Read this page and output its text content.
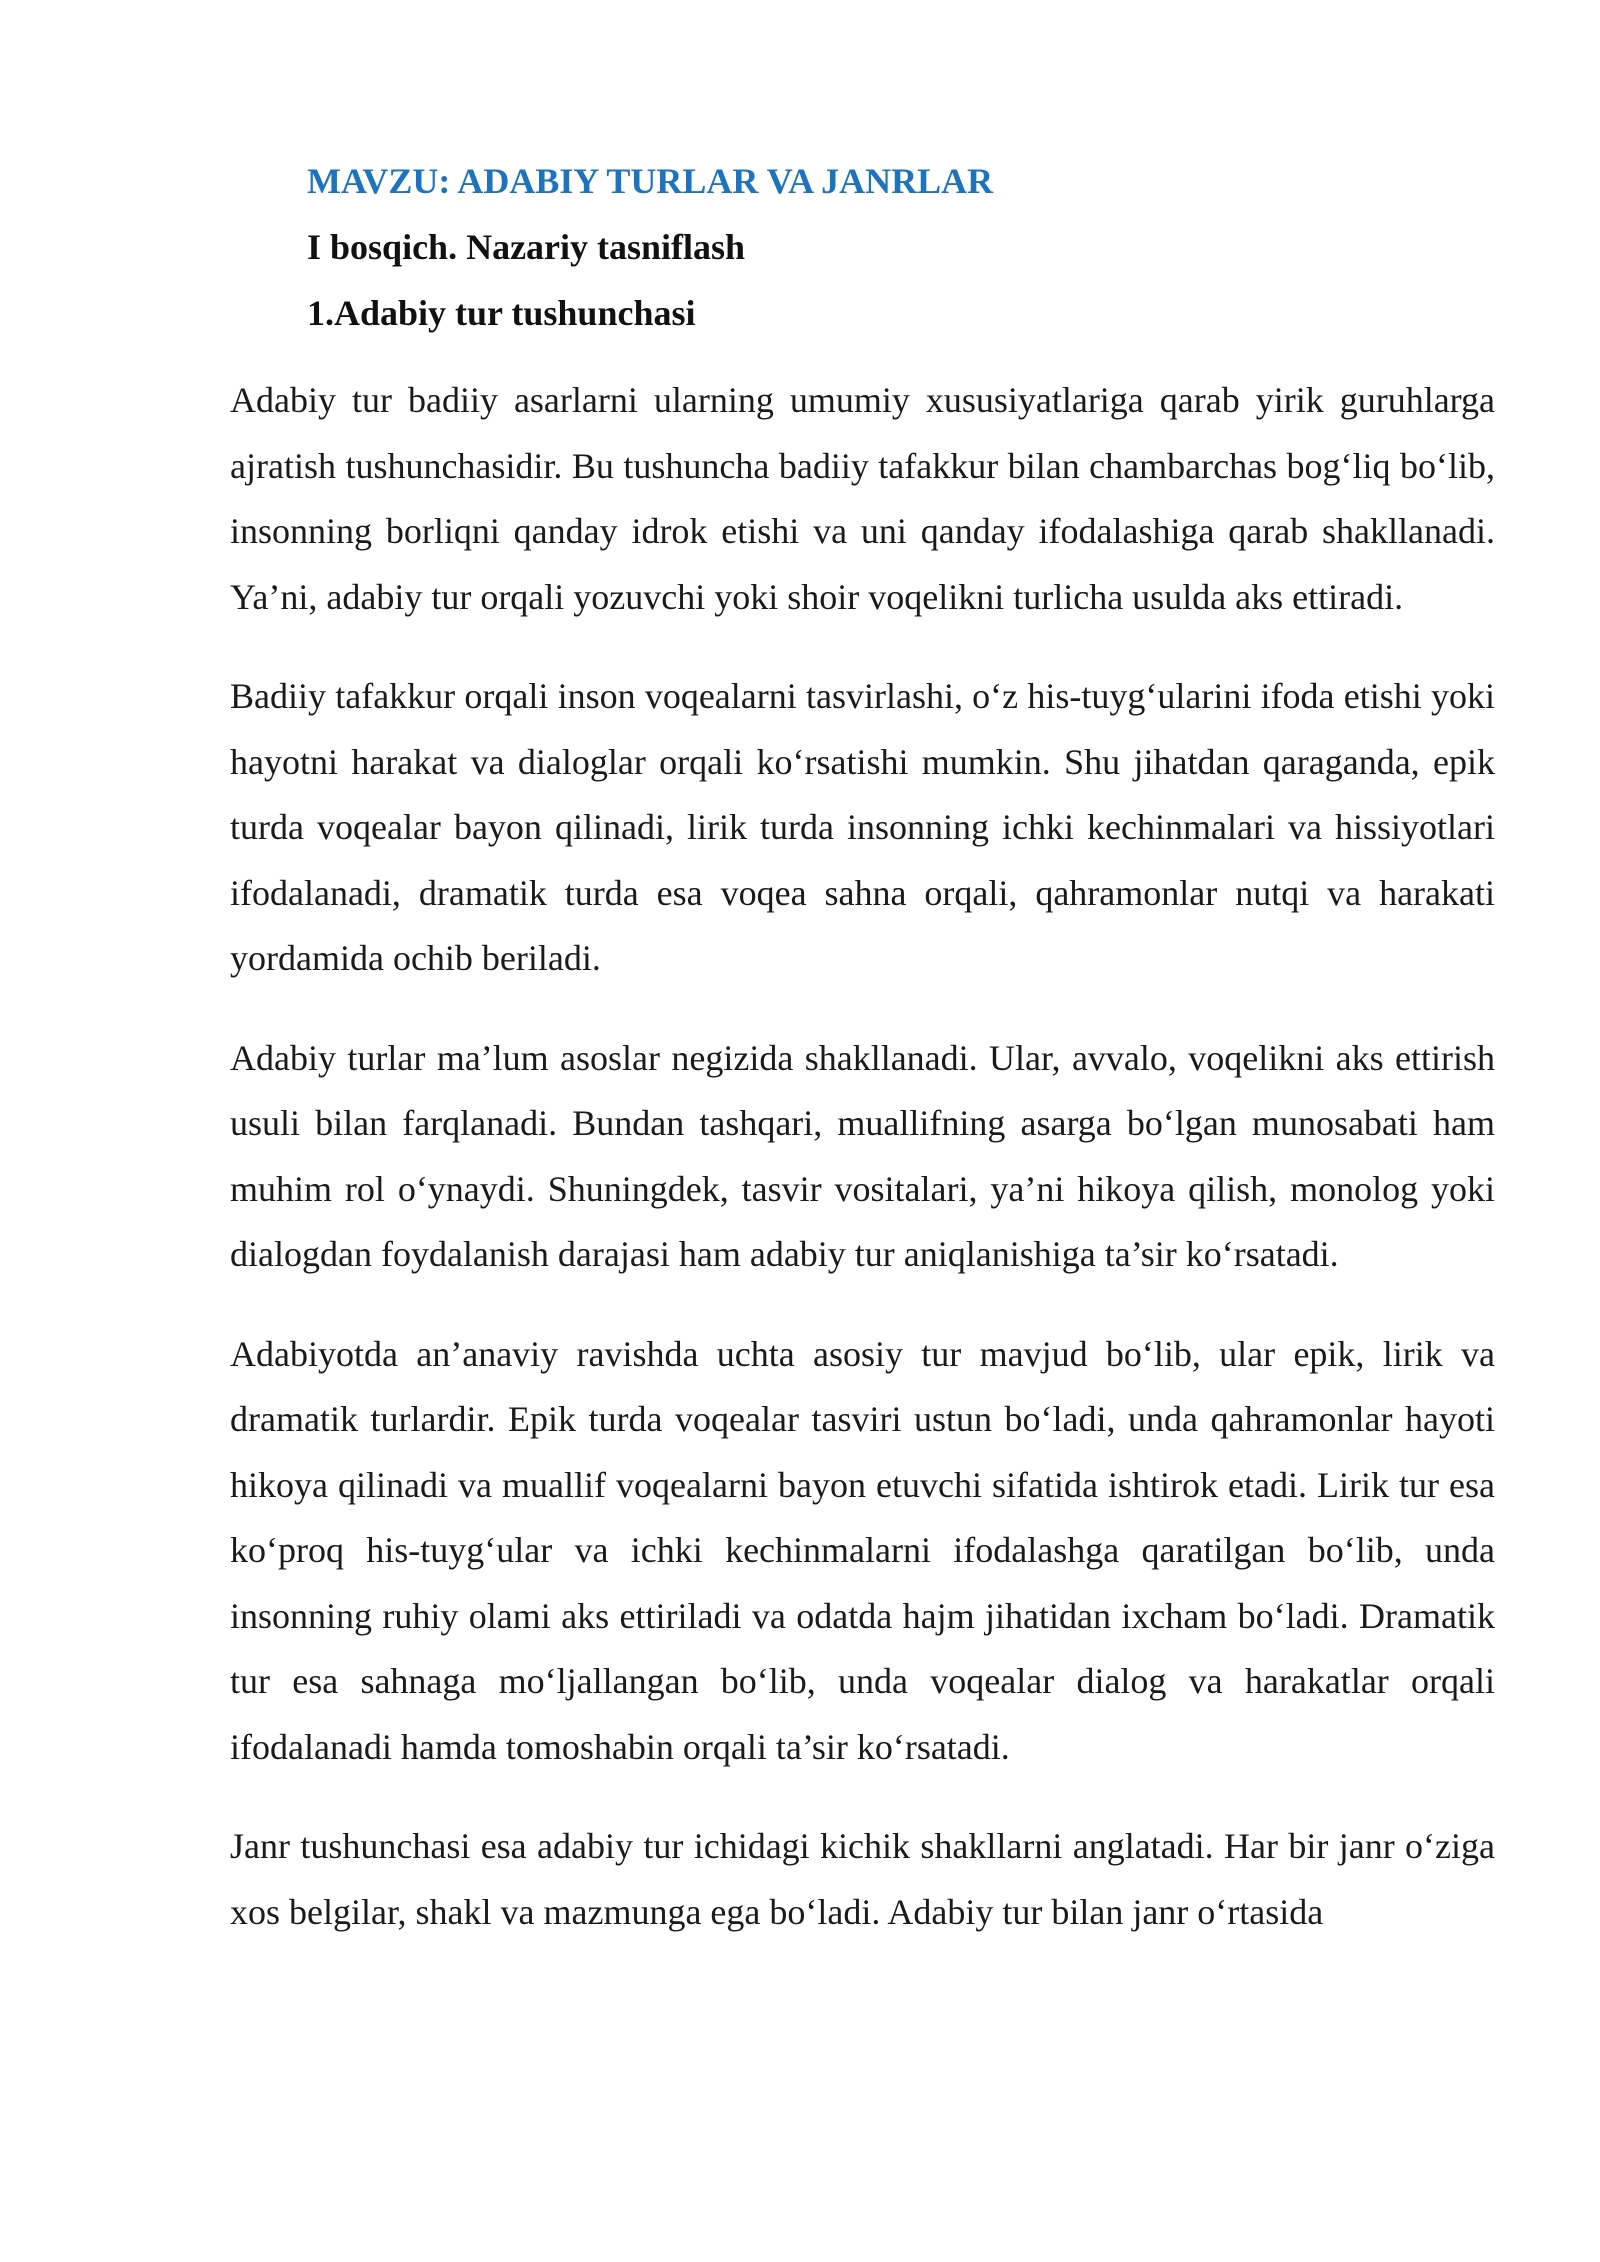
MAVZU: ADABIY TURLAR VA JANRLAR
I bosqich. Nazariy tasniflash
1.Adabiy tur tushunchasi

Adabiy tur badiiy asarlarni ularning umumiy xususiyatlariga qarab yirik guruhlarga ajratish tushunchasidir. Bu tushuncha badiiy tafakkur bilan chambarchas bog‘liq bo‘lib, insonning borliqni qanday idrok etishi va uni qanday ifodalashiga qarab shakllanadi. Ya’ni, adabiy tur orqali yozuvchi yoki shoir voqelikni turlicha usulda aks ettiradi.

Badiiy tafakkur orqali inson voqealarni tasvirlashi, o‘z his-tuyg‘ularini ifoda etishi yoki hayotni harakat va dialoglar orqali ko‘rsatishi mumkin. Shu jihatdan qaraganda, epik turda voqealar bayon qilinadi, lirik turda insonning ichki kechinmalari va hissiyotlari ifodalanadi, dramatik turda esa voqea sahna orqali, qahramonlar nutqi va harakati yordamida ochib beriladi.

Adabiy turlar ma’lum asoslar negizida shakllanadi. Ular, avvalo, voqelikni aks ettirish usuli bilan farqlanadi. Bundan tashqari, muallifning asarga bo‘lgan munosabati ham muhim rol o‘ynaydi. Shuningdek, tasvir vositalari, ya’ni hikoya qilish, monolog yoki dialogdan foydalanish darajasi ham adabiy tur aniqlanishiga ta’sir ko‘rsatadi.

Adabiyotda an’anaviy ravishda uchta asosiy tur mavjud bo‘lib, ular epik, lirik va dramatik turlardir. Epik turda voqealar tasviri ustun bo‘ladi, unda qahramonlar hayoti hikoya qilinadi va muallif voqealarni bayon etuvchi sifatida ishtirok etadi. Lirik tur esa ko‘proq his-tuyg‘ular va ichki kechinmalarni ifodalashga qaratilgan bo‘lib, unda insonning ruhiy olami aks ettiriladi va odatda hajm jihatidan ixcham bo‘ladi. Dramatik tur esa sahnaga mo‘ljallangan bo‘lib, unda voqealar dialog va harakatlar orqali ifodalanadi hamda tomoshabin orqali ta’sir ko‘rsatadi.

Janr tushunchasi esa adabiy tur ichidagi kichik shakllarni anglatadi. Har bir janr o‘ziga xos belgilar, shakl va mazmunga ega bo‘ladi. Adabiy tur bilan janr o‘rtasida
